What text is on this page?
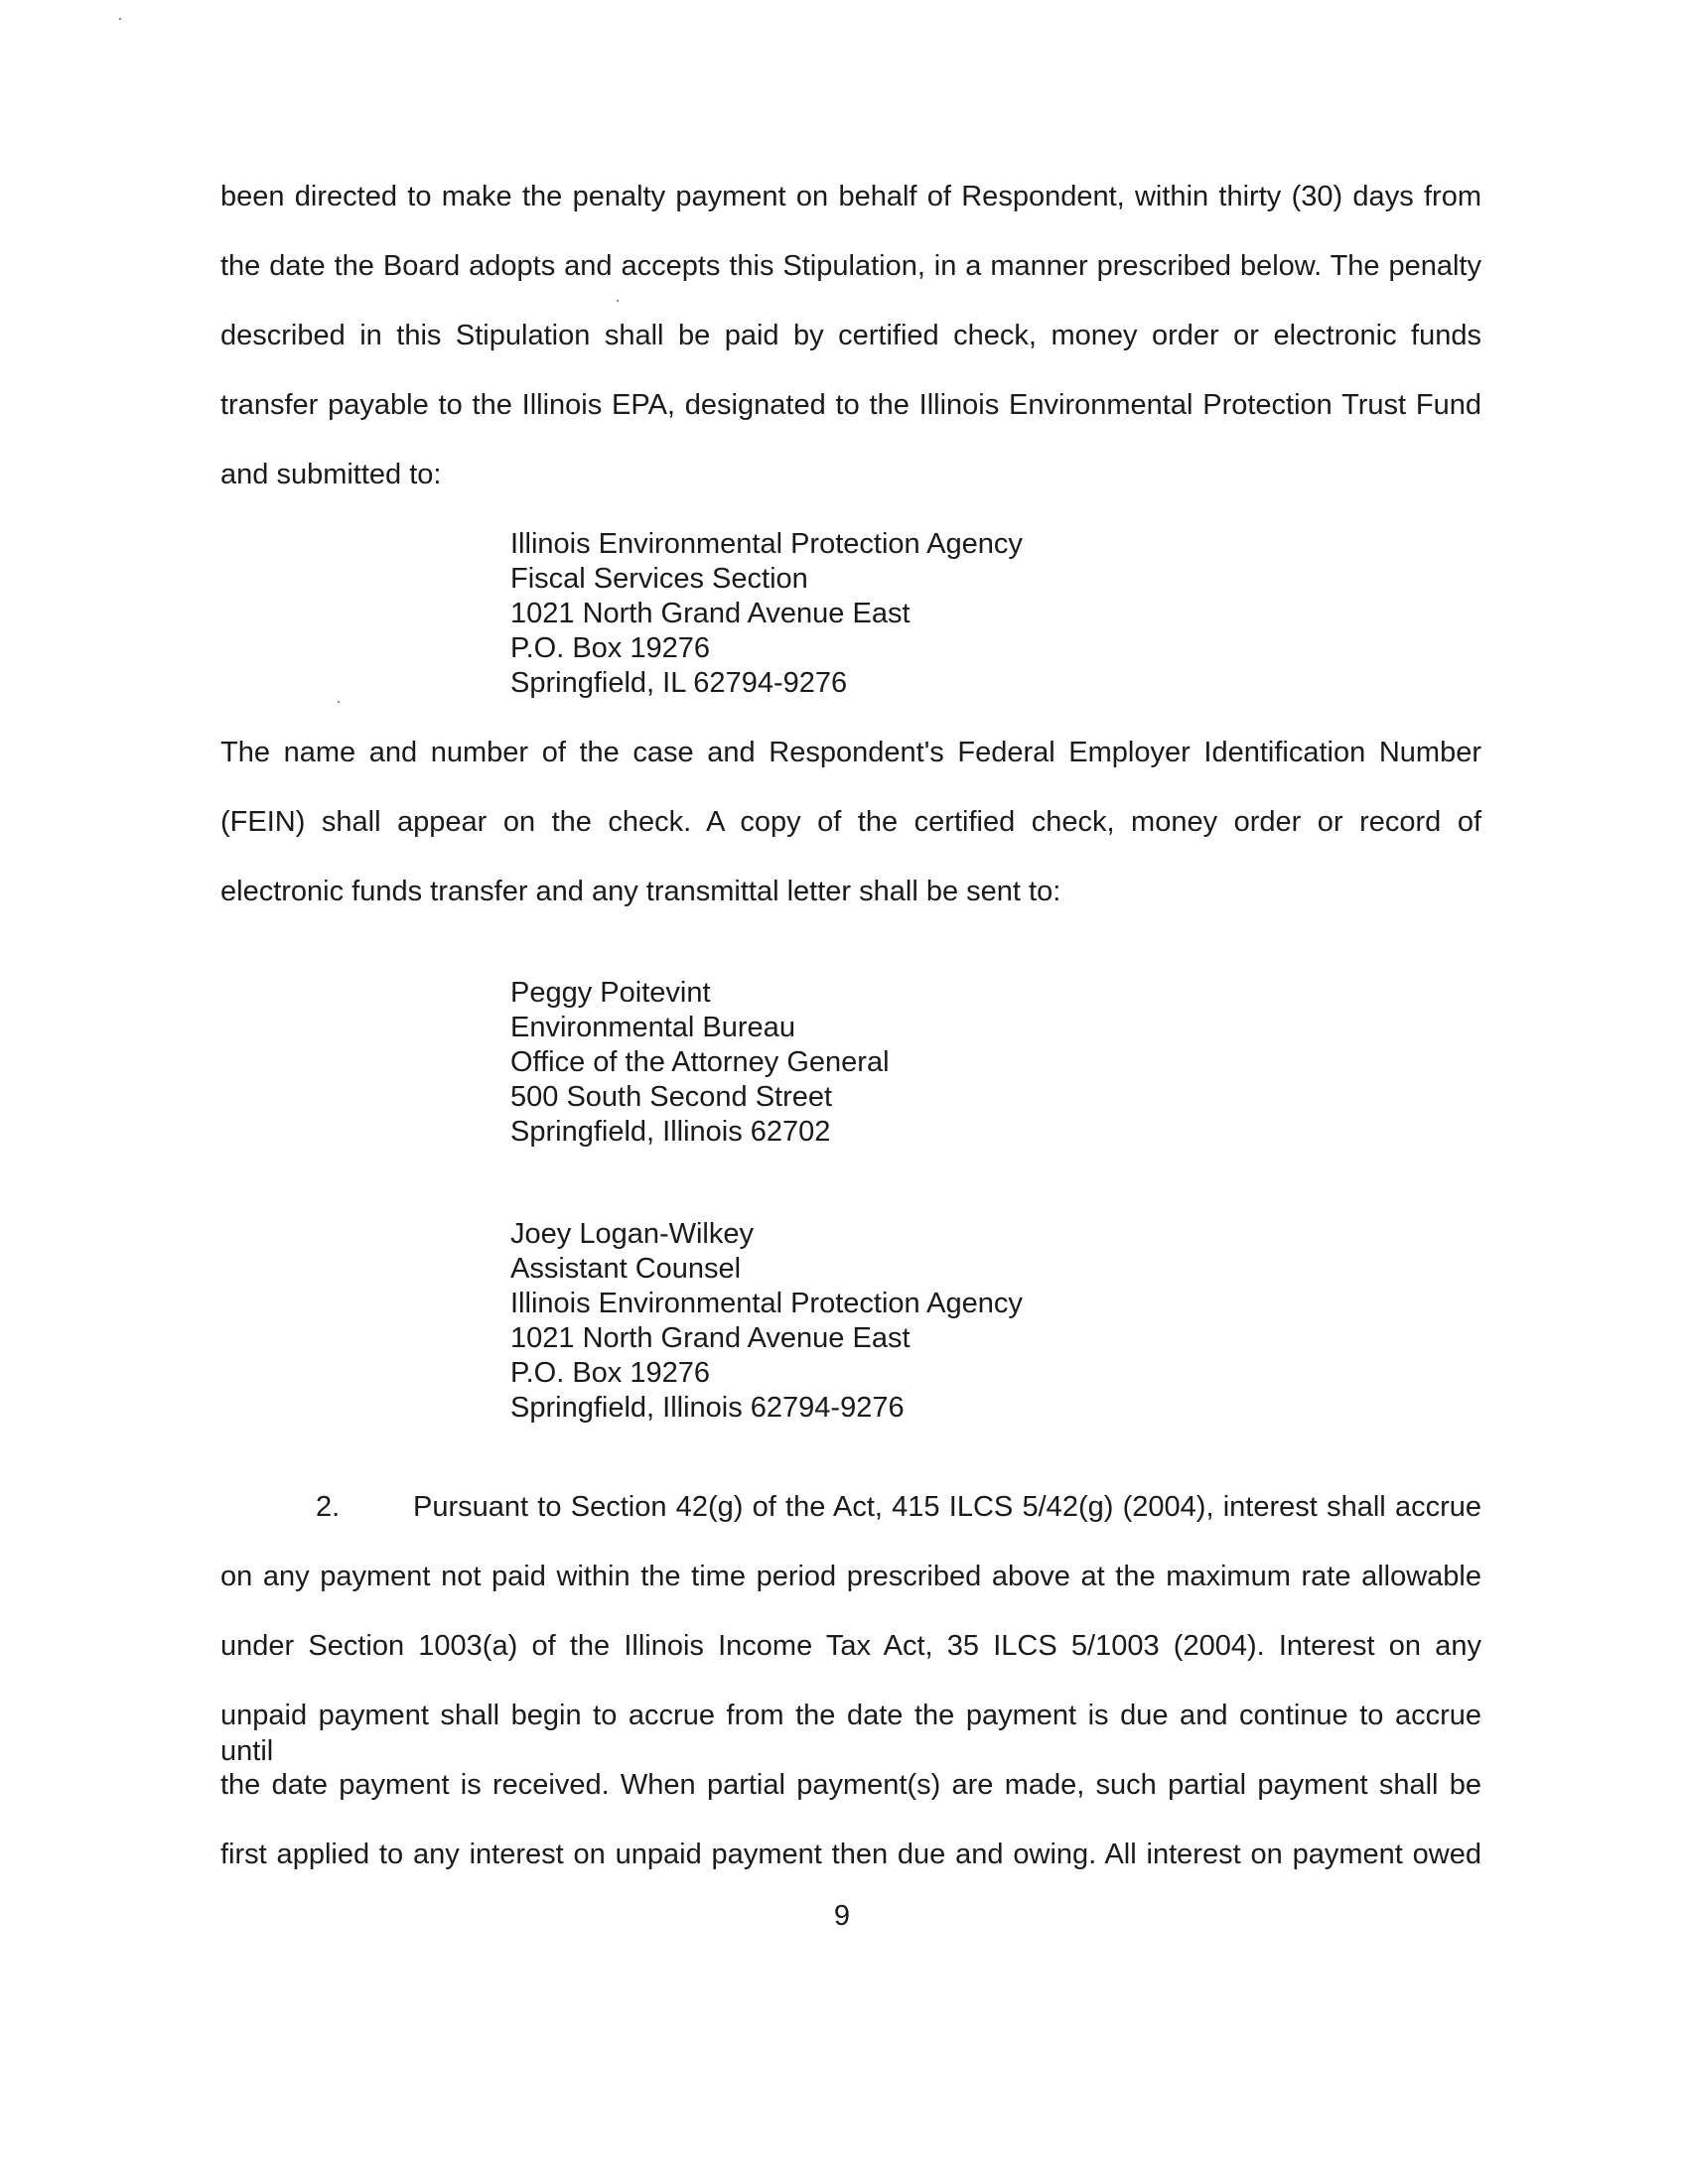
been directed to make the penalty payment on behalf of Respondent, within thirty (30) days from
the date the Board adopts and accepts this Stipulation, in a manner prescribed below. The penalty
described in this Stipulation shall be paid by certified check, money order or electronic funds
transfer payable to the Illinois EPA, designated to the Illinois Environmental Protection Trust Fund
and submitted to:
Illinois Environmental Protection Agency
Fiscal Services Section
1021 North Grand Avenue East
P.O. Box 19276
Springfield, IL 62794-9276
The name and number of the case and Respondent's Federal Employer Identification Number
(FEIN) shall appear on the check. A copy of the certified check, money order or record of
electronic funds transfer and any transmittal letter shall be sent to:
Peggy Poitevint
Environmental Bureau
Office of the Attorney General
500 South Second Street
Springfield, Illinois 62702
Joey Logan-Wilkey
Assistant Counsel
Illinois Environmental Protection Agency
1021 North Grand Avenue East
P.O. Box 19276
Springfield, Illinois 62794-9276
2.	Pursuant to Section 42(g) of the Act, 415 ILCS 5/42(g) (2004), interest shall accrue
on any payment not paid within the time period prescribed above at the maximum rate allowable
under Section 1003(a) of the Illinois Income Tax Act, 35 ILCS 5/1003 (2004). Interest on any
unpaid payment shall begin to accrue from the date the payment is due and continue to accrue until
the date payment is received. When partial payment(s) are made, such partial payment shall be
first applied to any interest on unpaid payment then due and owing. All interest on payment owed
9
